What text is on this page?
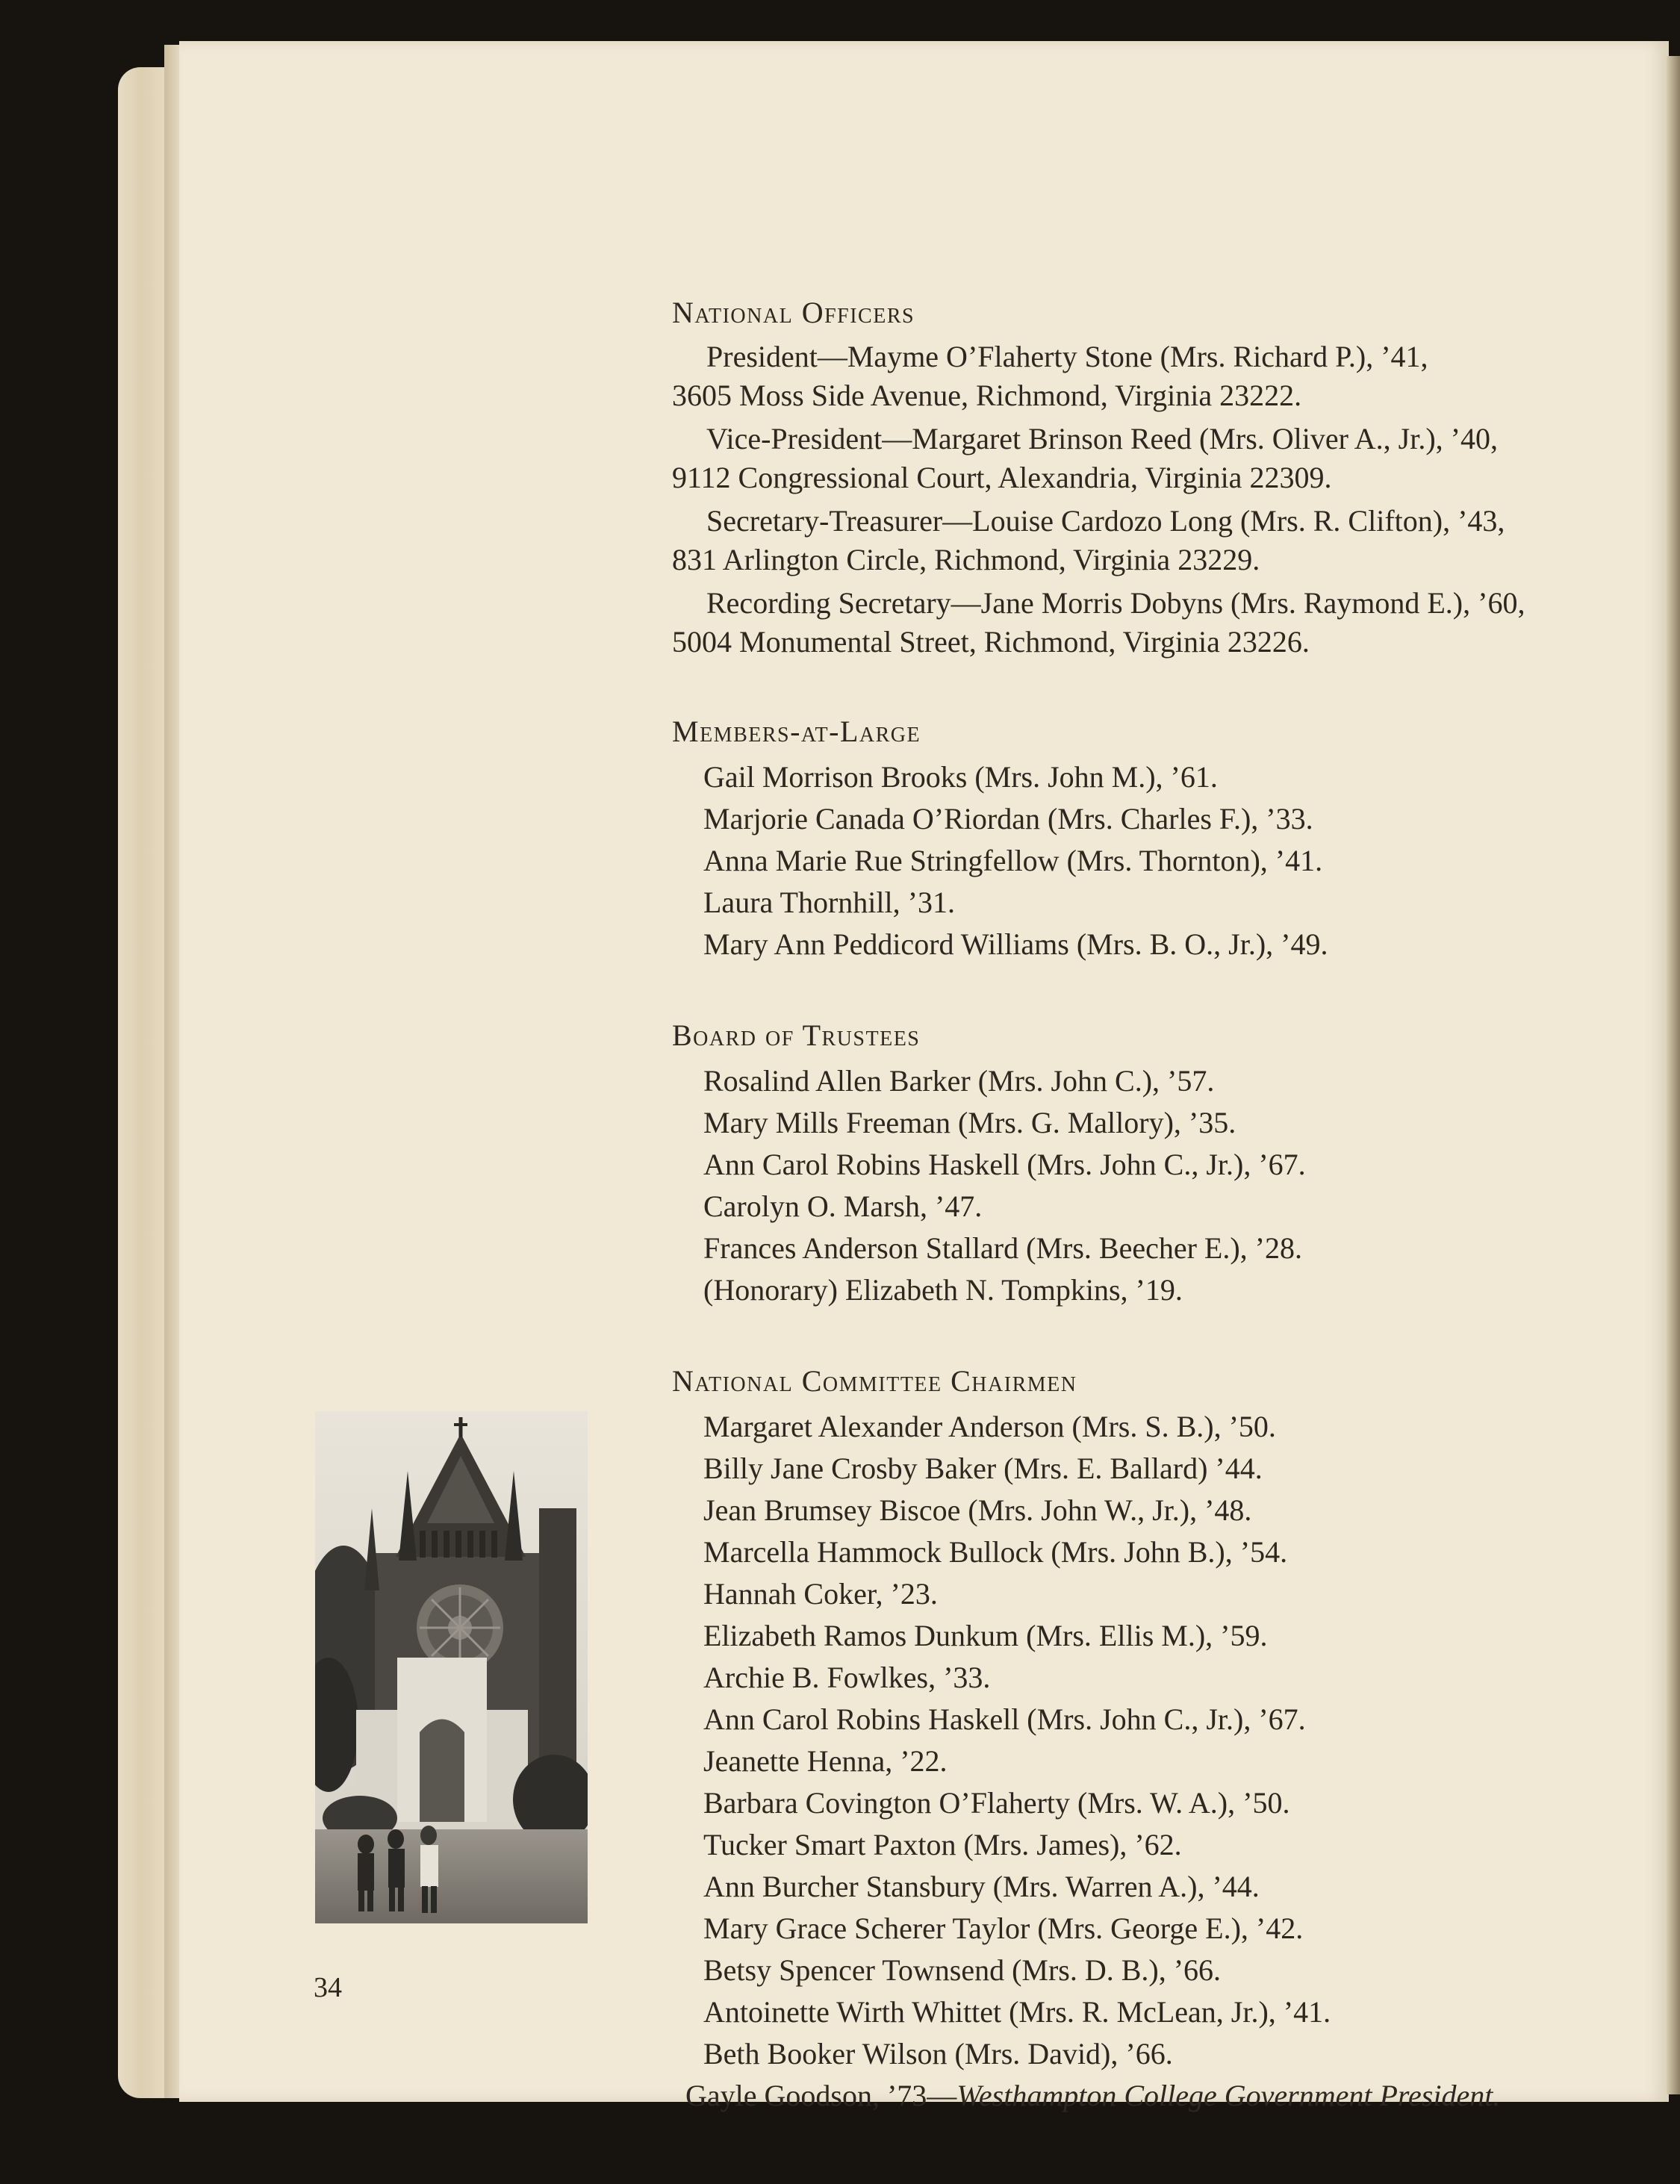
National Officers
President—Mayme O’Flaherty Stone (Mrs. Richard P.), ’41,
3605 Moss Side Avenue, Richmond, Virginia 23222.
Vice-President—Margaret Brinson Reed (Mrs. Oliver A., Jr.), ’40,
9112 Congressional Court, Alexandria, Virginia 22309.
Secretary-Treasurer—Louise Cardozo Long (Mrs. R. Clifton), ’43,
831 Arlington Circle, Richmond, Virginia 23229.
Recording Secretary—Jane Morris Dobyns (Mrs. Raymond E.), ’60,
5004 Monumental Street, Richmond, Virginia 23226.
Members-at-Large
Gail Morrison Brooks (Mrs. John M.), ’61.
Marjorie Canada O’Riordan (Mrs. Charles F.), ’33.
Anna Marie Rue Stringfellow (Mrs. Thornton), ’41.
Laura Thornhill, ’31.
Mary Ann Peddicord Williams (Mrs. B. O., Jr.), ’49.
Board of Trustees
Rosalind Allen Barker (Mrs. John C.), ’57.
Mary Mills Freeman (Mrs. G. Mallory), ’35.
Ann Carol Robins Haskell (Mrs. John C., Jr.), ’67.
Carolyn O. Marsh, ’47.
Frances Anderson Stallard (Mrs. Beecher E.), ’28.
(Honorary) Elizabeth N. Tompkins, ’19.
National Committee Chairmen
Margaret Alexander Anderson (Mrs. S. B.), ’50.
Billy Jane Crosby Baker (Mrs. E. Ballard) ’44.
Jean Brumsey Biscoe (Mrs. John W., Jr.), ’48.
Marcella Hammock Bullock (Mrs. John B.), ’54.
Hannah Coker, ’23.
Elizabeth Ramos Dunkum (Mrs. Ellis M.), ’59.
Archie B. Fowlkes, ’33.
Ann Carol Robins Haskell (Mrs. John C., Jr.), ’67.
Jeanette Henna, ’22.
Barbara Covington O’Flaherty (Mrs. W. A.), ’50.
Tucker Smart Paxton (Mrs. James), ’62.
Ann Burcher Stansbury (Mrs. Warren A.), ’44.
Mary Grace Scherer Taylor (Mrs. George E.), ’42.
Betsy Spencer Townsend (Mrs. D. B.), ’66.
Antoinette Wirth Whittet (Mrs. R. McLean, Jr.), ’41.
Beth Booker Wilson (Mrs. David), ’66.
Gayle Goodson, ’73—Westhampton College Government President.
34
